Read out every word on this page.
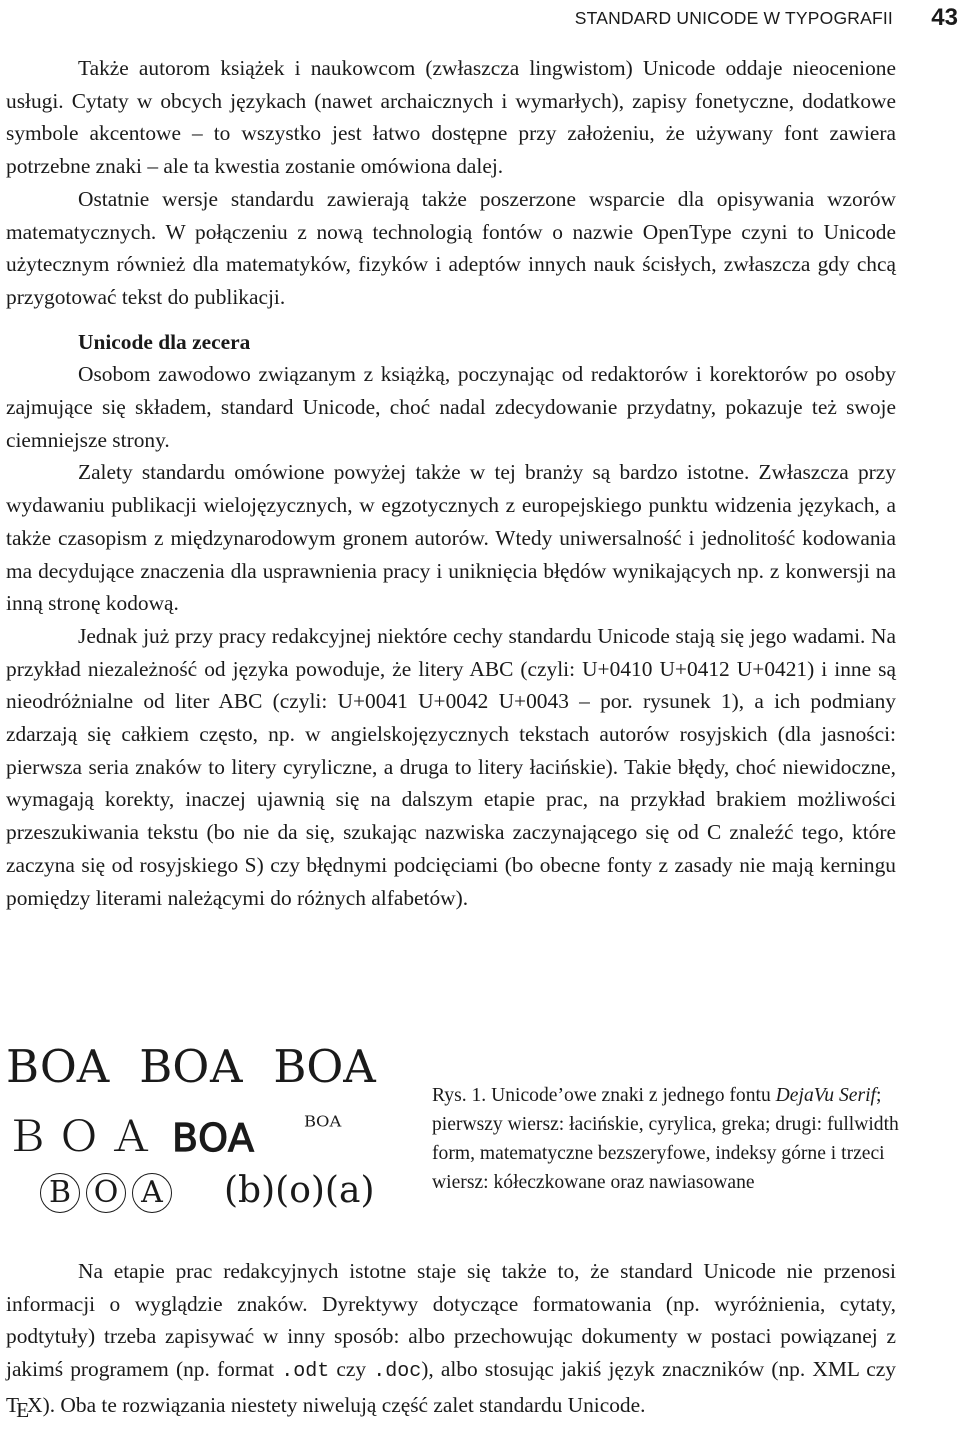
STANDARD UNICODE W TYPOGRAFII 43

Także autorom książek i naukowcom (zwłaszcza lingwistom) Unicode oddaje nieocenione usługi. Cytaty w obcych językach (nawet archaicznych i wymarłych), zapisy fonetyczne, dodatkowe symbole akcentowe – to wszystko jest łatwo dostępne przy założeniu, że używany font zawiera potrzebne znaki – ale ta kwestia zostanie omówiona dalej.

Ostatnie wersje standardu zawierają także poszerzone wsparcie dla opisywania wzorów matematycznych. W połączeniu z nową technologią fontów o nazwie OpenType czyni to Unicode użytecznym również dla matematyków, fizyków i adeptów innych nauk ścisłych, zwłaszcza gdy chcą przygotować tekst do publikacji.

Unicode dla zecera

Osobom zawodowo związanym z książką, poczynając od redaktorów i korektorów po osoby zajmujące się składem, standard Unicode, choć nadal zdecydowanie przydatny, pokazuje też swoje ciemniejsze strony.

Zalety standardu omówione powyżej także w tej branży są bardzo istotne. Zwłaszcza przy wydawaniu publikacji wielojęzycznych, w egzotycznych z europejskiego punktu widzenia językach, a także czasopism z międzynarodowym gronem autorów. Wtedy uniwersalność i jednolitość kodowania ma decydujące znaczenia dla usprawnienia pracy i uniknięcia błędów wynikających np. z konwersji na inną stronę kodową.

Jednak już przy pracy redakcyjnej niektóre cechy standardu Unicode stają się jego wadami. Na przykład niezależność od języka powoduje, że litery ABC (czyli: U+0410 U+0412 U+0421) i inne są nieodróżnialne od liter ABC (czyli: U+0041 U+0042 U+0043 – por. rysunek 1), a ich podmiany zdarzają się całkiem często, np. w angielskojęzycznych tekstach autorów rosyjskich (dla jasności: pierwsza seria znaków to litery cyryliczne, a druga to litery łacińskie). Takie błędy, choć niewidoczne, wymagają korekty, inaczej ujawnią się na dalszym etapie prac, na przykład brakiem możliwości przeszukiwania tekstu (bo nie da się, szukając nazwiska zaczynającego się od C znaleźć tego, które zaczyna się od rosyjskiego S) czy błędnymi podcięciami (bo obecne fonty z zasady nie mają kerningu pomiędzy literami należącymi do różnych alfabetów).

BOA ВОА ΒΟΑ
ＢＯＡ 𝖡𝖮𝖠 ᴮᴼᴬ
B O A (b)(o)(a)
Rys. 1. Unicode’owe znaki z jednego fontu DejaVu Serif; pierwszy wiersz: łacińskie, cyrylica, greka; drugi: fullwidth form, matematyczne bezszeryfowe, indeksy górne i trzeci wiersz: kółeczkowane oraz nawiasowane

Na etapie prac redakcyjnych istotne staje się także to, że standard Unicode nie przenosi informacji o wyglądzie znaków. Dyrektywy dotyczące formatowania (np. wyróżnienia, cytaty, podtytuły) trzeba zapisywać w inny sposób: albo przechowując dokumenty w postaci powiązanej z jakimś programem (np. format .odt czy .doc), albo stosując jakiś język znaczników (np. XML czy TEX). Oba te rozwiązania niestety niwelują część zalet standardu Unicode.
